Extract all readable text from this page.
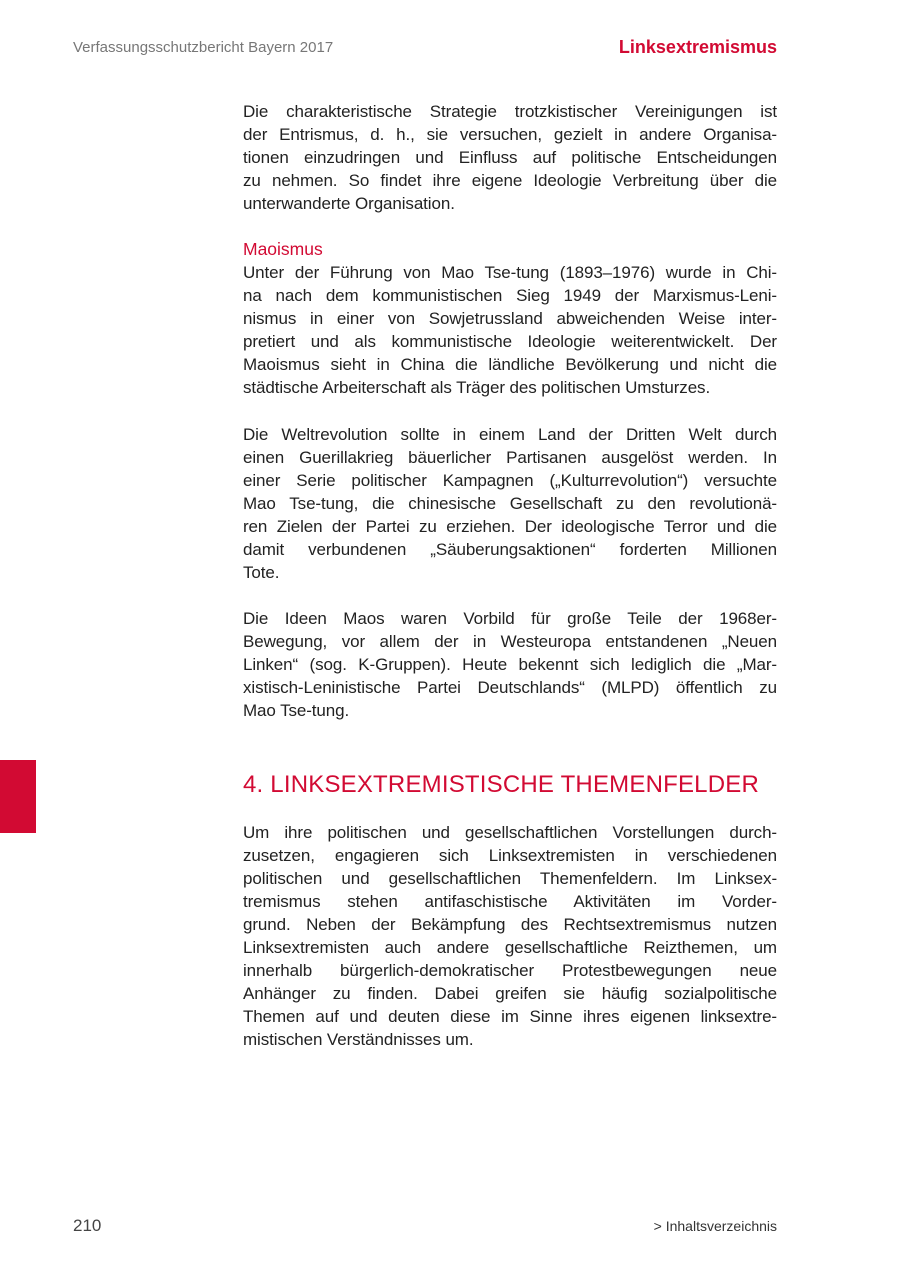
Verfassungsschutzbericht Bayern 2017	Linksextremismus
Die charakteristische Strategie trotzkistischer Vereinigungen ist
der Entrismus, d. h., sie versuchen, gezielt in andere Organisa-
tionen einzudringen und Einfluss auf politische Entscheidungen
zu nehmen. So findet ihre eigene Ideologie Verbreitung über die
unterwanderte Organisation.
Maoismus
Unter der Führung von Mao Tse-tung (1893–1976) wurde in Chi-
na nach dem kommunistischen Sieg 1949 der Marxismus-Leni-
nismus in einer von Sowjetrussland abweichenden Weise inter-
pretiert und als kommunistische Ideologie weiterentwickelt. Der
Maoismus sieht in China die ländliche Bevölkerung und nicht die
städtische Arbeiterschaft als Träger des politischen Umsturzes.
Die Weltrevolution sollte in einem Land der Dritten Welt durch
einen Guerillakrieg bäuerlicher Partisanen ausgelöst werden. In
einer Serie politischer Kampagnen („Kulturrevolution“) versuchte
Mao Tse-tung, die chinesische Gesellschaft zu den revolutionä-
ren Zielen der Partei zu erziehen. Der ideologische Terror und die
damit verbundenen „Säuberungsaktionen“ forderten Millionen
Tote.
Die Ideen Maos waren Vorbild für große Teile der 1968er-
Bewegung, vor allem der in Westeuropa entstandenen „Neuen
Linken“ (sog. K-Gruppen). Heute bekennt sich lediglich die „Mar-
xistisch-Leninistische Partei Deutschlands“ (MLPD) öffentlich zu
Mao Tse-tung.
4. LINKSEXTREMISTISCHE THEMENFELDER
Um ihre politischen und gesellschaftlichen Vorstellungen durch-
zusetzen, engagieren sich Linksextremisten in verschiedenen
politischen und gesellschaftlichen Themenfeldern. Im Linksex-
tremismus stehen antifaschistische Aktivitäten im Vorder-
grund. Neben der Bekämpfung des Rechtsextremismus nutzen
Linksextremisten auch andere gesellschaftliche Reizthemen, um
innerhalb bürgerlich-demokratischer Protestbewegungen neue
Anhänger zu finden. Dabei greifen sie häufig sozialpolitische
Themen auf und deuten diese im Sinne ihres eigenen linksextre-
mistischen Verständnisses um.
210	> Inhaltsverzeichnis
